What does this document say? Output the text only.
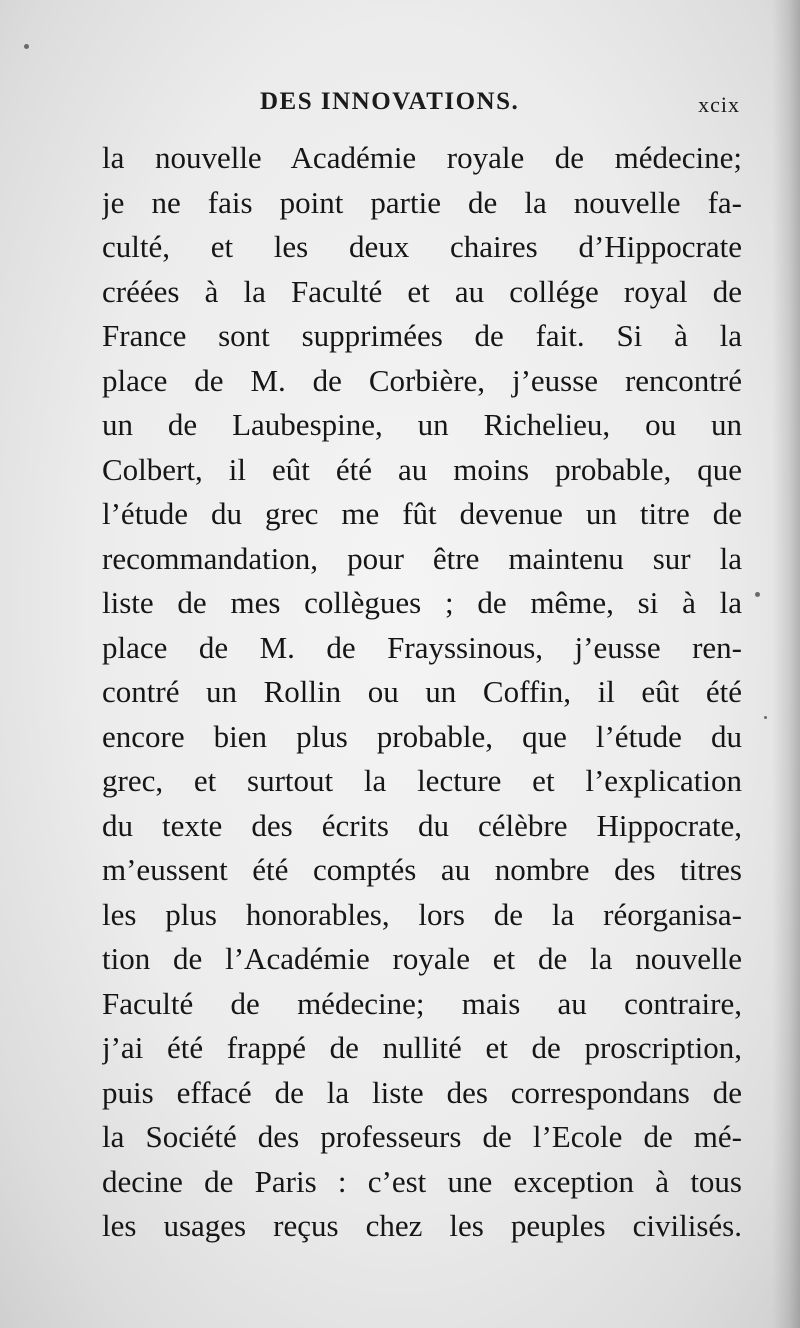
DES INNOVATIONS.	xcix
la nouvelle Académie royale de médecine;
je ne fais point partie de la nouvelle fa-
culté, et les deux chaires d’Hippocrate
créées à la Faculté et au collége royal de
France sont supprimées de fait. Si à la
place de M. de Corbière, j’eusse rencontré
un de Laubespine, un Richelieu, ou un
Colbert, il eût été au moins probable, que
l’étude du grec me fût devenue un titre de
recommandation, pour être maintenu sur la
liste de mes collègues ; de même, si à la
place de M. de Frayssinous, j’eusse ren-
contré un Rollin ou un Coffin, il eût été
encore bien plus probable, que l’étude du
grec, et surtout la lecture et l’explication
du texte des écrits du célèbre Hippocrate,
m’eussent été comptés au nombre des titres
les plus honorables, lors de la réorganisa-
tion de l’Académie royale et de la nouvelle
Faculté de médecine; mais au contraire,
j’ai été frappé de nullité et de proscription,
puis effacé de la liste des correspondans de
la Société des professeurs de l’Ecole de mé-
decine de Paris : c’est une exception à tous
les usages reçus chez les peuples civilisés.
